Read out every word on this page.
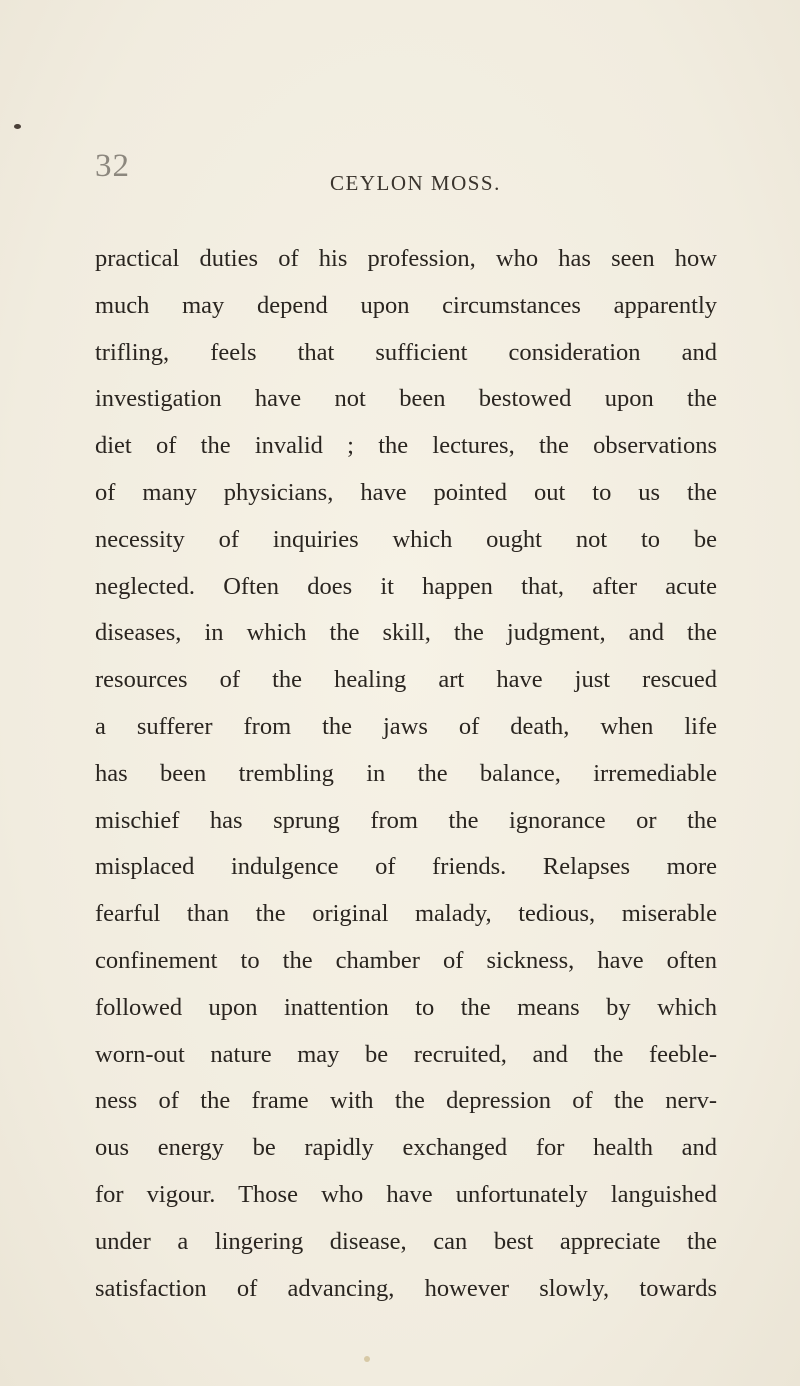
32	CEYLON MOSS.
practical duties of his profession, who has seen how
much may depend upon circumstances apparently
trifling, feels that sufficient consideration and
investigation have not been bestowed upon the
diet of the invalid ; the lectures, the observations
of many physicians, have pointed out to us the
necessity of inquiries which ought not to be
neglected. Often does it happen that, after acute
diseases, in which the skill, the judgment, and the
resources of the healing art have just rescued
a sufferer from the jaws of death, when life
has been trembling in the balance, irremediable
mischief has sprung from the ignorance or the
misplaced indulgence of friends. Relapses more
fearful than the original malady, tedious, miserable
confinement to the chamber of sickness, have often
followed upon inattention to the means by which
worn-out nature may be recruited, and the feeble-
ness of the frame with the depression of the nerv-
ous energy be rapidly exchanged for health and
for vigour. Those who have unfortunately languished
under a lingering disease, can best appreciate the
satisfaction of advancing, however slowly, towards
